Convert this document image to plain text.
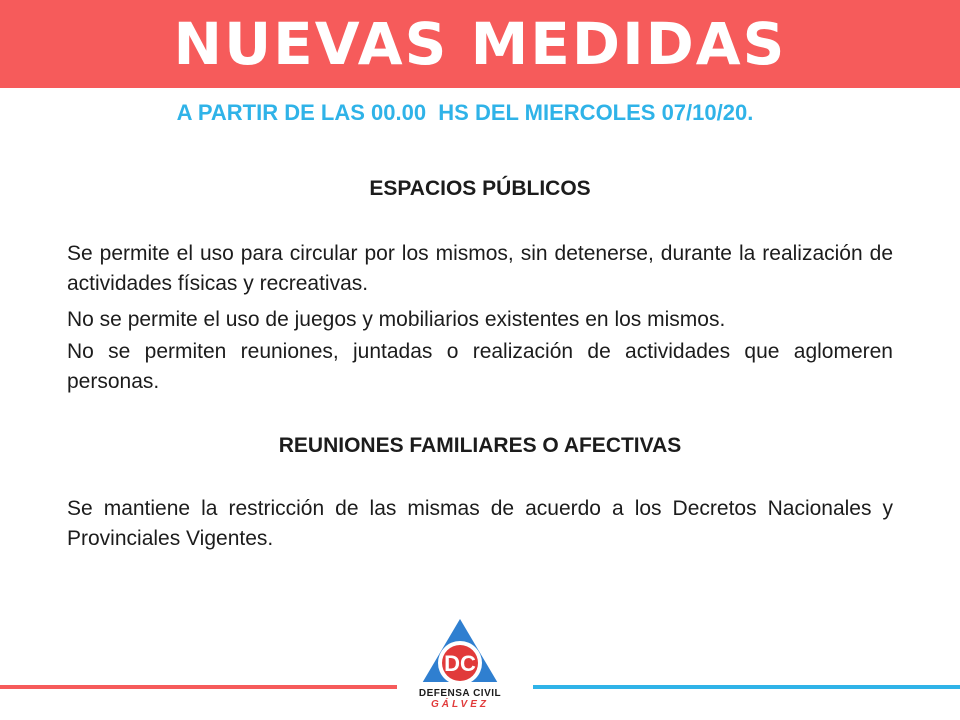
NUEVAS MEDIDAS
A PARTIR DE LAS 00.00  HS DEL MIERCOLES 07/10/20.
ESPACIOS PÚBLICOS

Se permite el uso para circular por los mismos, sin detenerse, durante la realización de actividades físicas y recreativas.

No se permite el uso de juegos y mobiliarios existentes en los mismos.

No se permiten reuniones, juntadas o realización de actividades que aglomeren personas.

REUNIONES FAMILIARES O AFECTIVAS

Se mantiene la restricción de las mismas de acuerdo a los Decretos Nacionales y Provinciales Vigentes.

DC
DEFENSA CIVIL
GÁLVEZ
